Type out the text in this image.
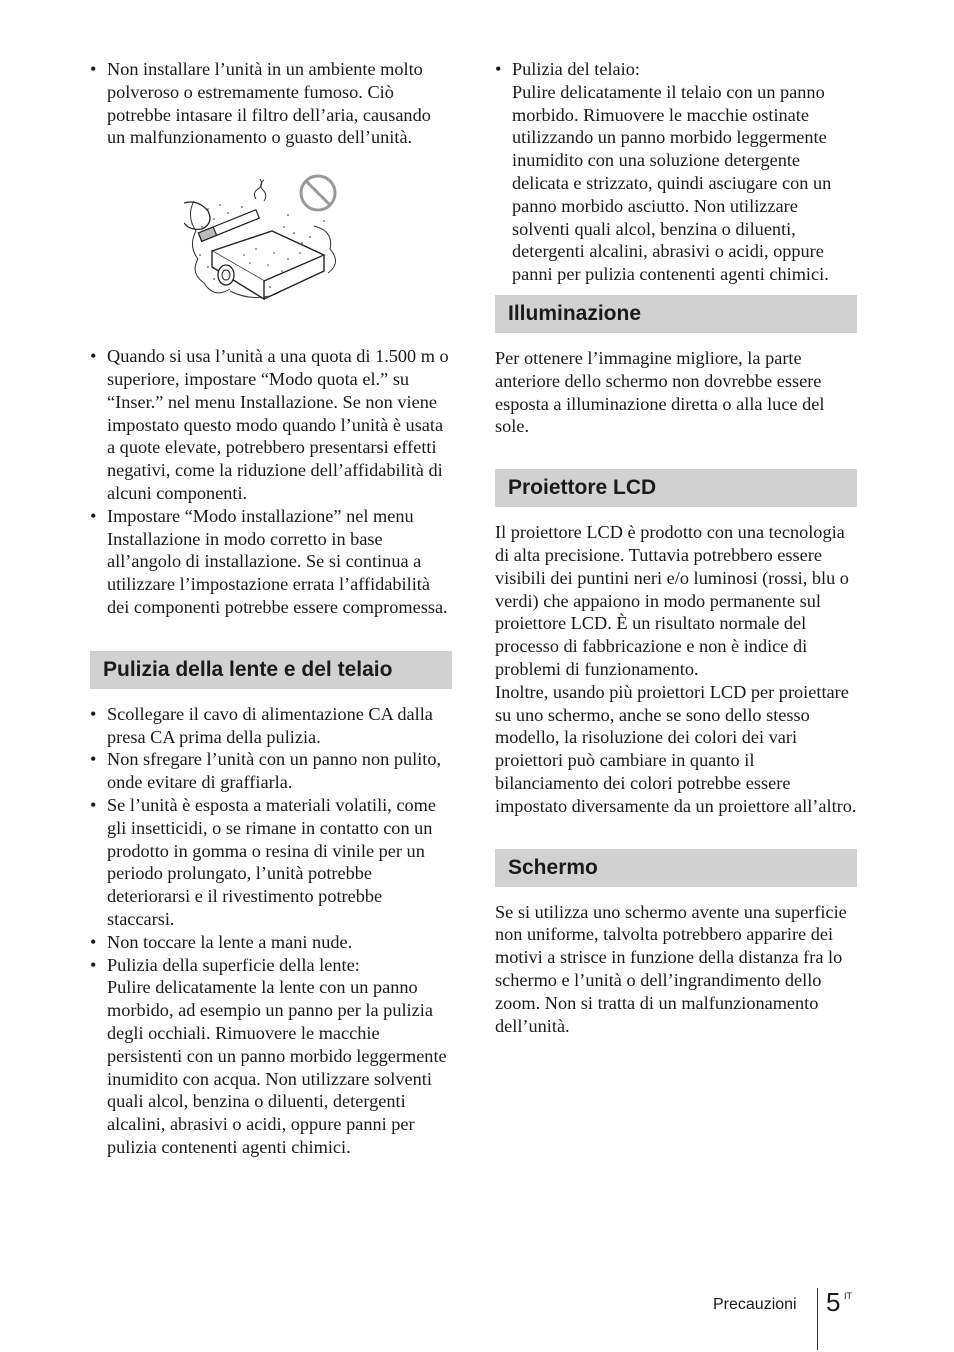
• Non installare l’unità in un ambiente molto polveroso o estremamente fumoso. Ciò potrebbe intasare il filtro dell’aria, causando un malfunzionamento o guasto dell’unità.
• Quando si usa l’unità a una quota di 1.500 m o superiore, impostare “Modo quota el.” su “Inser.” nel menu Installazione. Se non viene impostato questo modo quando l’unità è usata a quote elevate, potrebbero presentarsi effetti negativi, come la riduzione dell’affidabilità di alcuni componenti.
• Impostare “Modo installazione” nel menu Installazione in modo corretto in base all’angolo di installazione. Se si continua a utilizzare l’impostazione errata l’affidabilità dei componenti potrebbe essere compromessa.
Pulizia della lente e del telaio
• Scollegare il cavo di alimentazione CA dalla presa CA prima della pulizia.
• Non sfregare l’unità con un panno non pulito, onde evitare di graffiarla.
• Se l’unità è esposta a materiali volatili, come gli insetticidi, o se rimane in contatto con un prodotto in gomma o resina di vinile per un periodo prolungato, l’unità potrebbe deteriorarsi e il rivestimento potrebbe staccarsi.
• Non toccare la lente a mani nude.
• Pulizia della superficie della lente:
Pulire delicatamente la lente con un panno morbido, ad esempio un panno per la pulizia degli occhiali. Rimuovere le macchie persistenti con un panno morbido leggermente inumidito con acqua. Non utilizzare solventi quali alcol, benzina o diluenti, detergenti alcalini, abrasivi o acidi, oppure panni per pulizia contenenti agenti chimici.
• Pulizia del telaio:
Pulire delicatamente il telaio con un panno morbido. Rimuovere le macchie ostinate utilizzando un panno morbido leggermente inumidito con una soluzione detergente delicata e strizzato, quindi asciugare con un panno morbido asciutto. Non utilizzare solventi quali alcol, benzina o diluenti, detergenti alcalini, abrasivi o acidi, oppure panni per pulizia contenenti agenti chimici.
Illuminazione

Per ottenere l’immagine migliore, la parte anteriore dello schermo non dovrebbe essere esposta a illuminazione diretta o alla luce del sole.

Proiettore LCD

Il proiettore LCD è prodotto con una tecnologia di alta precisione. Tuttavia potrebbero essere visibili dei puntini neri e/o luminosi (rossi, blu o verdi) che appaiono in modo permanente sul proiettore LCD. È un risultato normale del processo di fabbricazione e non è indice di problemi di funzionamento.

Inoltre, usando più proiettori LCD per proiettare su uno schermo, anche se sono dello stesso modello, la risoluzione dei colori dei vari proiettori può cambiare in quanto il bilanciamento dei colori potrebbe essere impostato diversamente da un proiettore all’altro.

Schermo

Se si utilizza uno schermo avente una superficie non uniforme, talvolta potrebbero apparire dei motivi a strisce in funzione della distanza fra lo schermo e l’unità o dell’ingrandimento dello zoom. Non si tratta di un malfunzionamento dell’unità.

Precauzioni 5 IT
